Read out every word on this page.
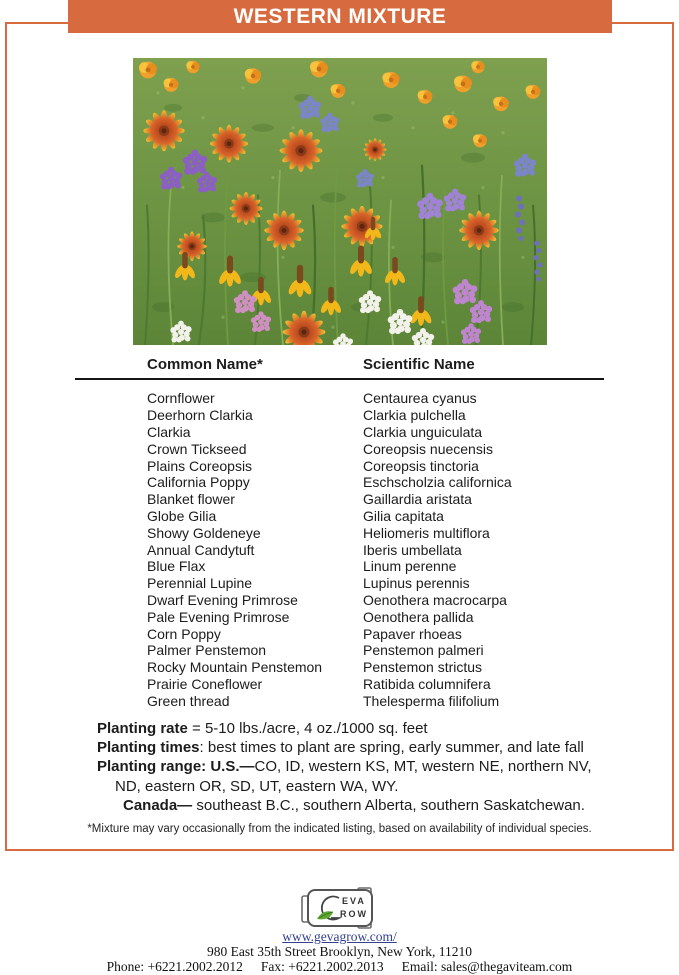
WESTERN MIXTURE
Common Name*	Scientific Name
Cornflower	Centaurea cyanus
Deerhorn Clarkia	Clarkia pulchella
Clarkia	Clarkia unguiculata
Crown Tickseed	Coreopsis nuecensis
Plains Coreopsis	Coreopsis tinctoria
California Poppy	Eschscholzia californica
Blanket flower	Gaillardia aristata
Globe Gilia	Gilia capitata
Showy Goldeneye	Heliomeris multiflora
Annual Candytuft	Iberis umbellata
Blue Flax	Linum perenne
Perennial Lupine	Lupinus perennis
Dwarf Evening Primrose	Oenothera macrocarpa
Pale Evening Primrose	Oenothera pallida
Corn Poppy	Papaver rhoeas
Palmer Penstemon	Penstemon palmeri
Rocky Mountain Penstemon	Penstemon strictus
Prairie Coneflower	Ratibida columnifera
Green thread	Thelesperma filifolium
Planting rate = 5-10 lbs./acre, 4 oz./1000 sq. feet
Planting times: best times to plant are spring, early summer, and late fall
Planting range: U.S.—CO, ID, western KS, MT, western NE, northern NV,
ND, eastern OR, SD, UT, eastern WA, WY.
Canada— southeast B.C., southern Alberta, southern Saskatchewan.
*Mixture may vary occasionally from the indicated listing, based on availability of individual species.
EVA
ROW
www.gevagrow.com/
980 East 35th Street Brooklyn, New York, 11210
Phone: +6221.2002.2012 Fax: +6221.2002.2013 Email: sales@thegaviteam.com
